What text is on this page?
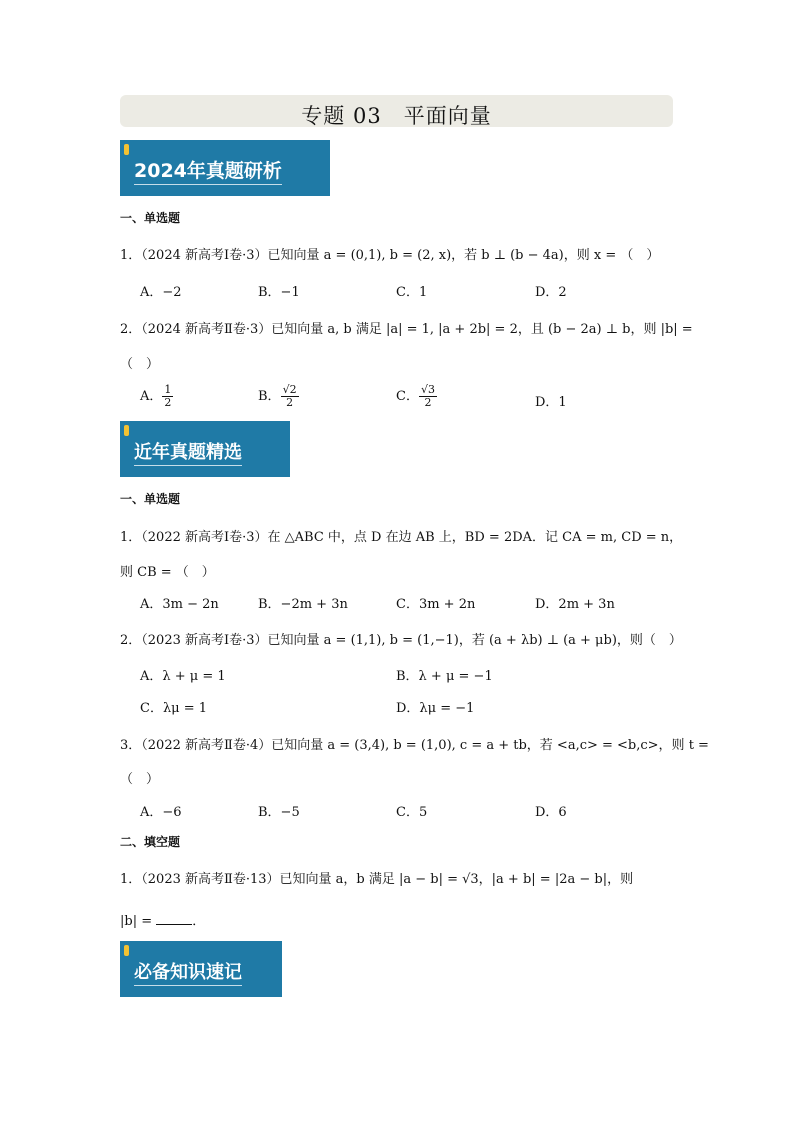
专题 03　平面向量
2024年真题研析
一、单选题
1．（2024 新高考Ⅰ卷·3）已知向量 a = (0,1), b = (2, x)，若 b ⊥ (b − 4a)，则 x = （　）
A．−2	B．−1	C．1	D．2
2．（2024 新高考Ⅱ卷·3）已知向量 a, b 满足 |a| = 1, |a + 2b| = 2，且 (b − 2a) ⊥ b，则 |b| =
（　）
A． $\frac{1}{2}$	B． $\frac{√2}{2}$	C． $\frac{√3}{2}$	D．1
近年真题精选
一、单选题
1．（2022 新高考Ⅰ卷·3）在 △ABC 中，点 D 在边 AB 上，BD = 2DA．记 CA = m, CD = n，
则 CB = （　）
A．3m − 2n	B．−2m + 3n	C．3m + 2n	D．2m + 3n
2．（2023 新高考Ⅰ卷·3）已知向量 a = (1,1), b = (1,−1)，若 (a + λb) ⊥ (a + μb)，则（　）
A．λ + μ = 1	B．λ + μ = −1
C．λμ = 1	D．λμ = −1
3．（2022 新高考Ⅱ卷·4）已知向量 a = (3,4), b = (1,0), c = a + tb，若 <a,c> = <b,c>，则 t =
（　）
A．−6	B．−5	C．5	D．6
二、填空题
1．（2023 新高考Ⅱ卷·13）已知向量 a，b 满足 |a − b| = √3，|a + b| = |2a − b|，则
|b| =	．
必备知识速记
